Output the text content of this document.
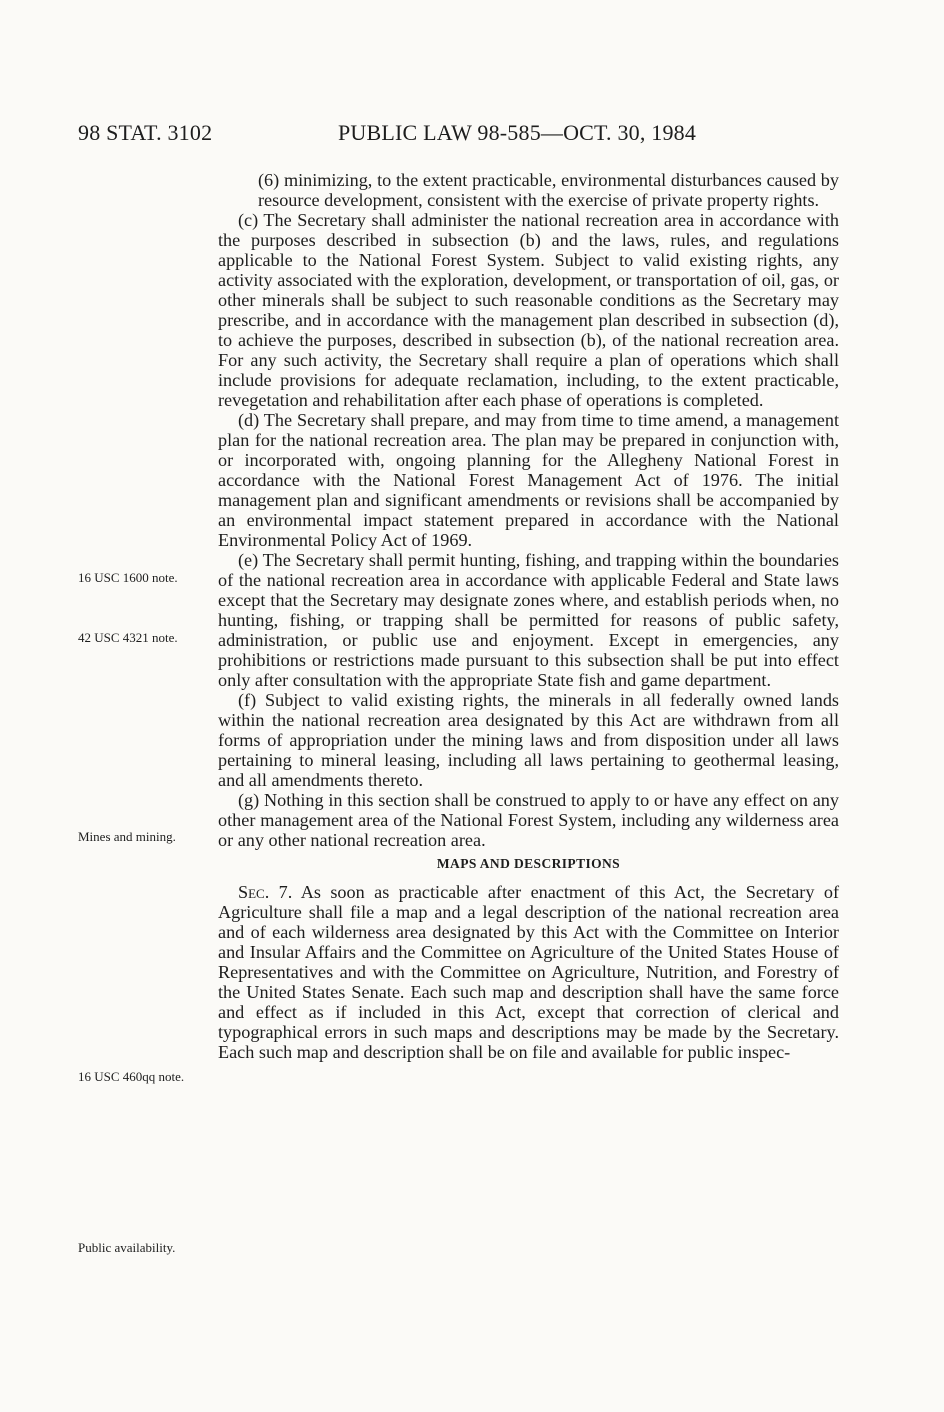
98 STAT. 3102	PUBLIC LAW 98-585—OCT. 30, 1984

(6) minimizing, to the extent practicable, environmental disturbances caused by resource development, consistent with the exercise of private property rights.

(c) The Secretary shall administer the national recreation area in accordance with the purposes described in subsection (b) and the laws, rules, and regulations applicable to the National Forest System. Subject to valid existing rights, any activity associated with the exploration, development, or transportation of oil, gas, or other minerals shall be subject to such reasonable conditions as the Secretary may prescribe, and in accordance with the management plan described in subsection (d), to achieve the purposes, described in subsection (b), of the national recreation area. For any such activity, the Secretary shall require a plan of operations which shall include provisions for adequate reclamation, including, to the extent practicable, revegetation and rehabilitation after each phase of operations is completed.

(d) The Secretary shall prepare, and may from time to time amend, a management plan for the national recreation area. The plan may be prepared in conjunction with, or incorporated with, ongoing planning for the Allegheny National Forest in accordance with the National Forest Management Act of 1976. The initial management plan and significant amendments or revisions shall be accompanied by an environmental impact statement prepared in accordance with the National Environmental Policy Act of 1969.

(e) The Secretary shall permit hunting, fishing, and trapping within the boundaries of the national recreation area in accordance with applicable Federal and State laws except that the Secretary may designate zones where, and establish periods when, no hunting, fishing, or trapping shall be permitted for reasons of public safety, administration, or public use and enjoyment. Except in emergencies, any prohibitions or restrictions made pursuant to this subsection shall be put into effect only after consultation with the appropriate State fish and game department.

(f) Subject to valid existing rights, the minerals in all federally owned lands within the national recreation area designated by this Act are withdrawn from all forms of appropriation under the mining laws and from disposition under all laws pertaining to mineral leasing, including all laws pertaining to geothermal leasing, and all amendments thereto.

(g) Nothing in this section shall be construed to apply to or have any effect on any other management area of the National Forest System, including any wilderness area or any other national recreation area.

MAPS AND DESCRIPTIONS

Sec. 7. As soon as practicable after enactment of this Act, the Secretary of Agriculture shall file a map and a legal description of the national recreation area and of each wilderness area designated by this Act with the Committee on Interior and Insular Affairs and the Committee on Agriculture of the United States House of Representatives and with the Committee on Agriculture, Nutrition, and Forestry of the United States Senate. Each such map and description shall have the same force and effect as if included in this Act, except that correction of clerical and typographical errors in such maps and descriptions may be made by the Secretary. Each such map and description shall be on file and available for public inspec-

16 USC 1600 note.
42 USC 4321 note.
Mines and mining.
16 USC 460qq note.
Public availability.
